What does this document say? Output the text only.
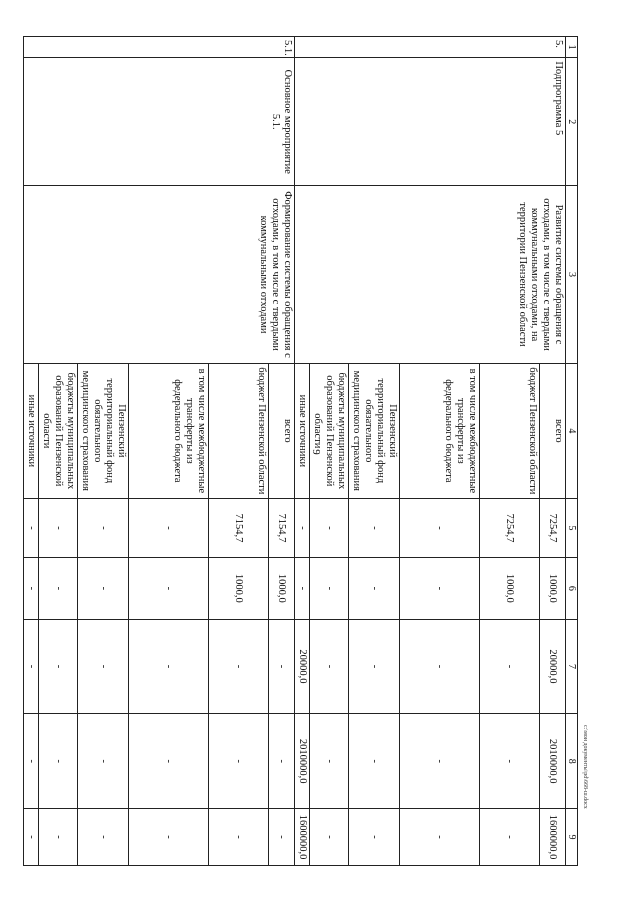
9
c:\мои документы\рd\668-ш.docx
1	2	3	4	5	6	7	8	9
5.	Подпрограмма 5	Развитие системы обращения с отходами, в том числе с твердыми коммунальными отходами, на территории Пензенской области	всего	7254,7	1000,0	20000,0	2010000,0	1600000,0
			бюджет Пензенской области	7254,7	1000,0	-	-	-
			в том числе межбюджетные трансферты из федерального бюджета	-	-	-	-	-
			Пензенский территориальный фонд обязательного медицинского страхования	-	-	-	-	-
			бюджеты муниципальных образований Пензенской области	-	-	-	-	-
			иные источники	-	-	20000,0	2010000,0	1600000,0
5.1.	Основное мероприятие 5.1.	Формирование системы обращения с отходами, в том числе с твердыми коммунальными отходами	всего	7154,7	1000,0	-	-	-
			бюджет Пензенской области	7154,7	1000,0	-	-	-
			в том числе межбюджетные трансферты из федерального бюджета	-	-	-	-	-
			Пензенский территориальный фонд обязательного медицинского страхования	-	-	-	-	-
			бюджеты муниципальных образований Пензенской области	-	-	-	-	-
			иные источники	-	-	-	-	-
